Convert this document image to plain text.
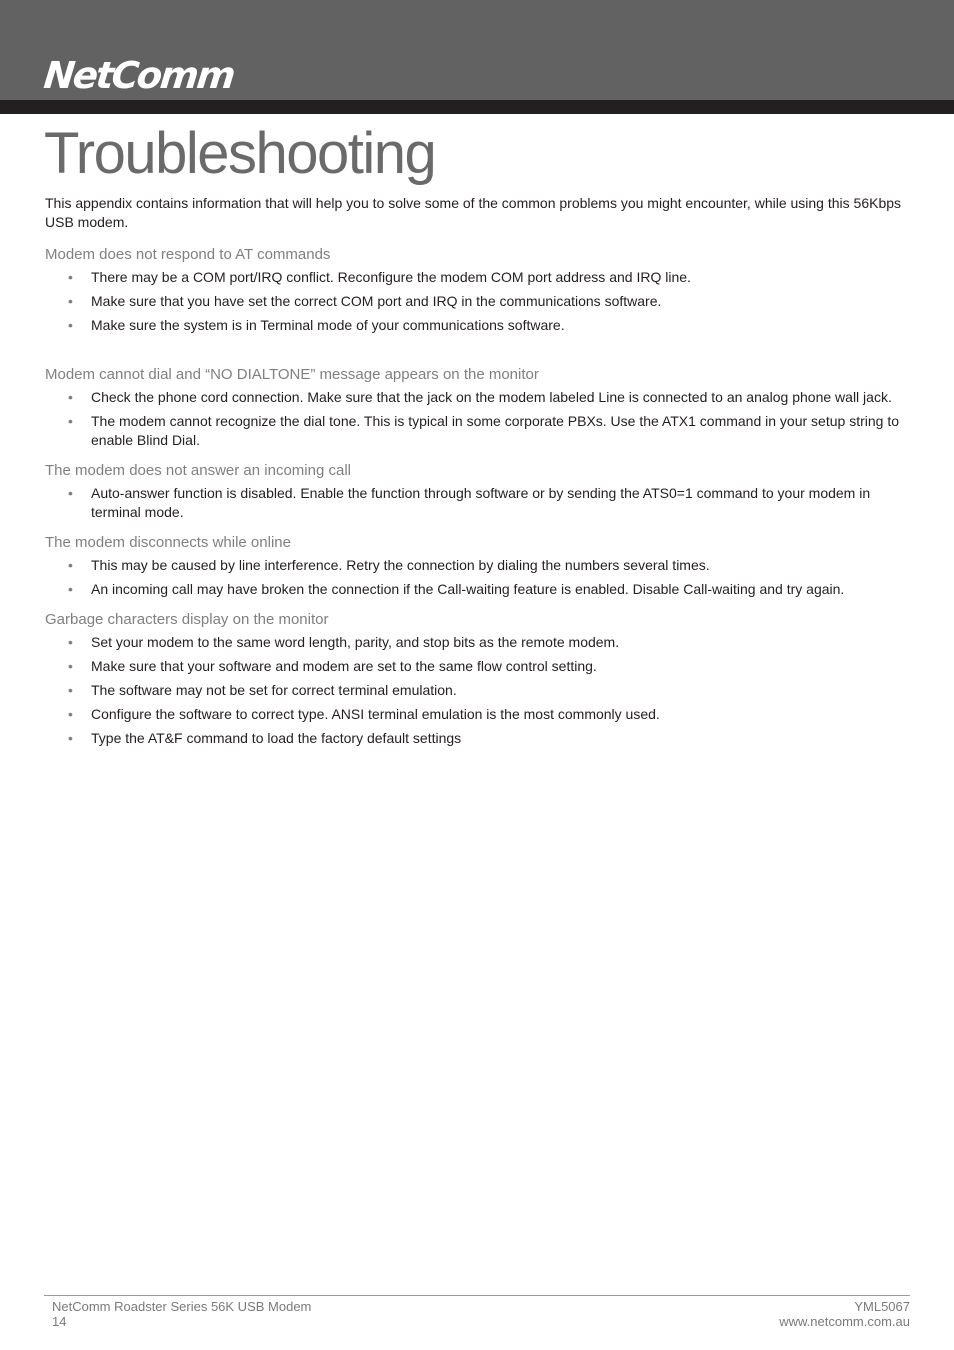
NetComm
Troubleshooting

This appendix contains information that will help you to solve some of the common problems you might encounter, while using this 56Kbps USB modem.

Modem does not respond to AT commands
• There may be a COM port/IRQ conflict. Reconfigure the modem COM port address and IRQ line.
• Make sure that you have set the correct COM port and IRQ in the communications software.
• Make sure the system is in Terminal mode of your communications software.
Modem cannot dial and “NO DIALTONE” message appears on the monitor
• Check the phone cord connection. Make sure that the jack on the modem labeled Line is connected to an analog phone wall jack.
• The modem cannot recognize the dial tone. This is typical in some corporate PBXs. Use the ATX1 command in your setup string to enable Blind Dial.
The modem does not answer an incoming call
• Auto-answer function is disabled. Enable the function through software or by sending the ATS0=1 command to your modem in terminal mode.
The modem disconnects while online
• This may be caused by line interference. Retry the connection by dialing the numbers several times.
• An incoming call may have broken the connection if the Call-waiting feature is enabled. Disable Call-waiting and try again.
Garbage characters display on the monitor
• Set your modem to the same word length, parity, and stop bits as the remote modem.
• Make sure that your software and modem are set to the same flow control setting.
• The software may not be set for correct terminal emulation.
• Configure the software to correct type. ANSI terminal emulation is the most commonly used.
• Type the AT&F command to load the factory default settings
NetComm Roadster Series 56K USB Modem
14
YML5067
www.netcomm.com.au
